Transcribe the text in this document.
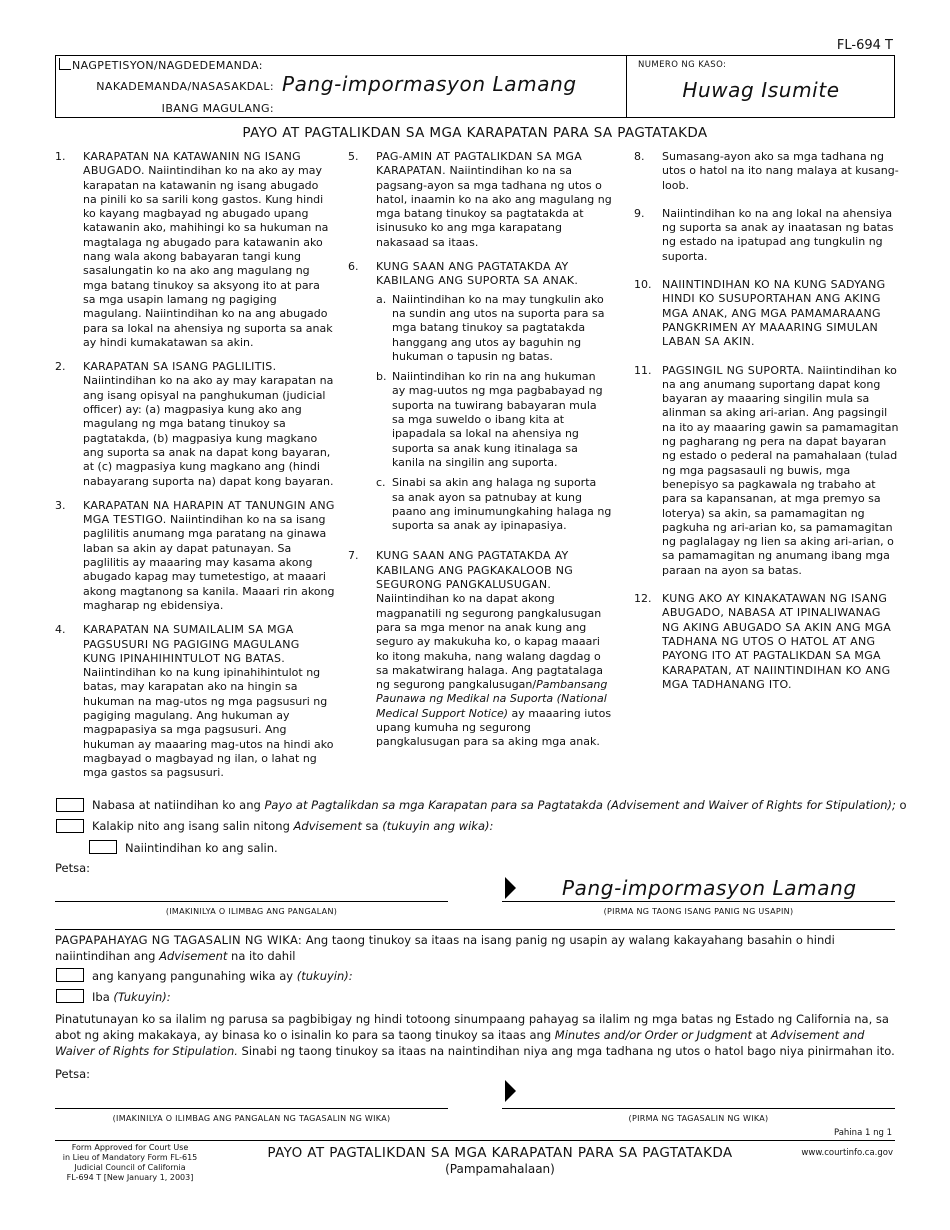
FL-694 T
NAGPETISYON/NAGDEDEMANDA:
NAKADEMANDA/NASASAKDAL:
IBANG MAGULANG:
Pang-impormasyon Lamang
NUMERO NG KASO:
Huwag Isumite
PAYO AT PAGTALIKDAN SA MGA KARAPATAN PARA SA PAGTATAKDA
1.	KARAPATAN NA KATAWANIN NG ISANG ABUGADO. Naiintindihan ko na ako ay may karapatan na katawanin ng isang abugado na pinili ko sa sarili kong gastos. Kung hindi ko kayang magbayad ng abugado upang katawanin ako, mahihingi ko sa hukuman na magtalaga ng abugado para katawanin ako nang wala akong babayaran tangi kung sasalungatin ko na ako ang magulang ng mga batang tinukoy sa aksyong ito at para sa mga usapin lamang ng pagiging magulang. Naiintindihan ko na ang abugado para sa lokal na ahensiya ng suporta sa anak ay hindi kumakatawan sa akin.
2.	KARAPATAN SA ISANG PAGLILITIS. Naiintindihan ko na ako ay may karapatan na ang isang opisyal na panghukuman (judicial officer) ay: (a) magpasiya kung ako ang magulang ng mga batang tinukoy sa pagtatakda, (b) magpasiya kung magkano ang suporta sa anak na dapat kong bayaran, at (c) magpasiya kung magkano ang (hindi nabayarang suporta na) dapat kong bayaran.
3.	KARAPATAN NA HARAPIN AT TANUNGIN ANG MGA TESTIGO. Naiintindihan ko na sa isang paglilitis anumang mga paratang na ginawa laban sa akin ay dapat patunayan. Sa paglilitis ay maaaring may kasama akong abugado kapag may tumetestigo, at maaari akong magtanong sa kanila. Maaari rin akong magharap ng ebidensiya.
4.	KARAPATAN NA SUMAILALIM SA MGA PAGSUSURI NG PAGIGING MAGULANG KUNG IPINAHIHINTULOT NG BATAS. Naiintindihan ko na kung ipinahihintulot ng batas, may karapatan ako na hingin sa hukuman na mag-utos ng mga pagsusuri ng pagiging magulang. Ang hukuman ay magpapasiya sa mga pagsusuri. Ang hukuman ay maaaring mag-utos na hindi ako magbayad o magbayad ng ilan, o lahat ng mga gastos sa pagsusuri.
5.	PAG-AMIN AT PAGTALIKDAN SA MGA KARAPATAN. Naiintindihan ko na sa pagsang-ayon sa mga tadhana ng utos o hatol, inaamin ko na ako ang magulang ng mga batang tinukoy sa pagtatakda at isinusuko ko ang mga karapatang nakasaad sa itaas.
6.	KUNG SAAN ANG PAGTATAKDA AY KABILANG ANG SUPORTA SA ANAK.
a. Naiintindihan ko na may tungkulin ako na sundin ang utos na suporta para sa mga batang tinukoy sa pagtatakda hanggang ang utos ay baguhin ng hukuman o tapusin ng batas.
b. Naiintindihan ko rin na ang hukuman ay mag-uutos ng mga pagbabayad ng suporta na tuwirang babayaran mula sa mga suweldo o ibang kita at ipapadala sa lokal na ahensiya ng suporta sa anak kung itinalaga sa kanila na singilin ang suporta.
c. Sinabi sa akin ang halaga ng suporta sa anak ayon sa patnubay at kung paano ang iminumungkahing halaga ng suporta sa anak ay ipinapasiya.
7.	KUNG SAAN ANG PAGTATAKDA AY KABILANG ANG PAGKAKALOOB NG SEGURONG PANGKALUSUGAN. Naiintindihan ko na dapat akong magpanatili ng segurong pangkalusugan para sa mga menor na anak kung ang seguro ay makukuha ko, o kapag maaari ko itong makuha, nang walang dagdag o sa makatwirang halaga. Ang pagtatalaga ng segurong pangkalusugan/Pambansang Paunawa ng Medikal na Suporta (National Medical Support Notice) ay maaaring iutos upang kumuha ng segurong pangkalusugan para sa aking mga anak.
8.	Sumasang-ayon ako sa mga tadhana ng utos o hatol na ito nang malaya at kusang-loob.
9.	Naiintindihan ko na ang lokal na ahensiya ng suporta sa anak ay inaatasan ng batas ng estado na ipatupad ang tungkulin ng suporta.
10. NAIINTINDIHAN KO NA KUNG SADYANG HINDI KO SUSUPORTAHAN ANG AKING MGA ANAK, ANG MGA PAMAMARAANG PANGKRIMEN AY MAAARING SIMULAN LABAN SA AKIN.
11. PAGSINGIL NG SUPORTA. Naiintindihan ko na ang anumang suportang dapat kong bayaran ay maaaring singilin mula sa alinman sa aking ari-arian. Ang pagsingil na ito ay maaaring gawin sa pamamagitan ng pagharang ng pera na dapat bayaran ng estado o pederal na pamahalaan (tulad ng mga pagsasauli ng buwis, mga benepisyo sa pagkawala ng trabaho at para sa kapansanan, at mga premyo sa loterya) sa akin, sa pamamagitan ng pagkuha ng ari-arian ko, sa pamamagitan ng paglalagay ng lien sa aking ari-arian, o sa pamamagitan ng anumang ibang mga paraan na ayon sa batas.
12. KUNG AKO AY KINAKATAWAN NG ISANG ABUGADO, NABASA AT IPINALIWANAG NG AKING ABUGADO SA AKIN ANG MGA TADHANA NG UTOS O HATOL AT ANG PAYONG ITO AT PAGTALIKDAN SA MGA KARAPATAN, AT NAIINTINDIHAN KO ANG MGA TADHANANG ITO.
Nabasa at natiindihan ko ang Payo at Pagtalikdan sa mga Karapatan para sa Pagtatakda (Advisement and Waiver of Rights for Stipulation); o
Kalakip nito ang isang salin nitong Advisement sa (tukuyin ang wika):
Naiintindihan ko ang salin.
Petsa:
Pang-impormasyon Lamang
(IMAKINILYA O ILIMBAG ANG PANGALAN)	(PIRMA NG TAONG ISANG PANIG NG USAPIN)
PAGPAPAHAYAG NG TAGASALIN NG WIKA: Ang taong tinukoy sa itaas na isang panig ng usapin ay walang kakayahang basahin o hindi naiintindihan ang Advisement na ito dahil
ang kanyang pangunahing wika ay (tukuyin):
Iba (Tukuyin):
Pinatutunayan ko sa ilalim ng parusa sa pagbibigay ng hindi totoong sinumpaang pahayag sa ilalim ng mga batas ng Estado ng California na, sa abot ng aking makakaya, ay binasa ko o isinalin ko para sa taong tinukoy sa itaas ang Minutes and/or Order or Judgment at Advisement and Waiver of Rights for Stipulation. Sinabi ng taong tinukoy sa itaas na naintindihan niya ang mga tadhana ng utos o hatol bago niya pinirmahan ito.
Petsa:
(IMAKINILYA O ILIMBAG ANG PANGALAN NG TAGASALIN NG WIKA)	(PIRMA NG TAGASALIN NG WIKA)
Pahina 1 ng 1
Form Approved for Court Use
in Lieu of Mandatory Form FL-615
Judicial Council of California
FL-694 T [New January 1, 2003]
PAYO AT PAGTALIKDAN SA MGA KARAPATAN PARA SA PAGTATAKDA
(Pampamahalaan)
www.courtinfo.ca.gov
